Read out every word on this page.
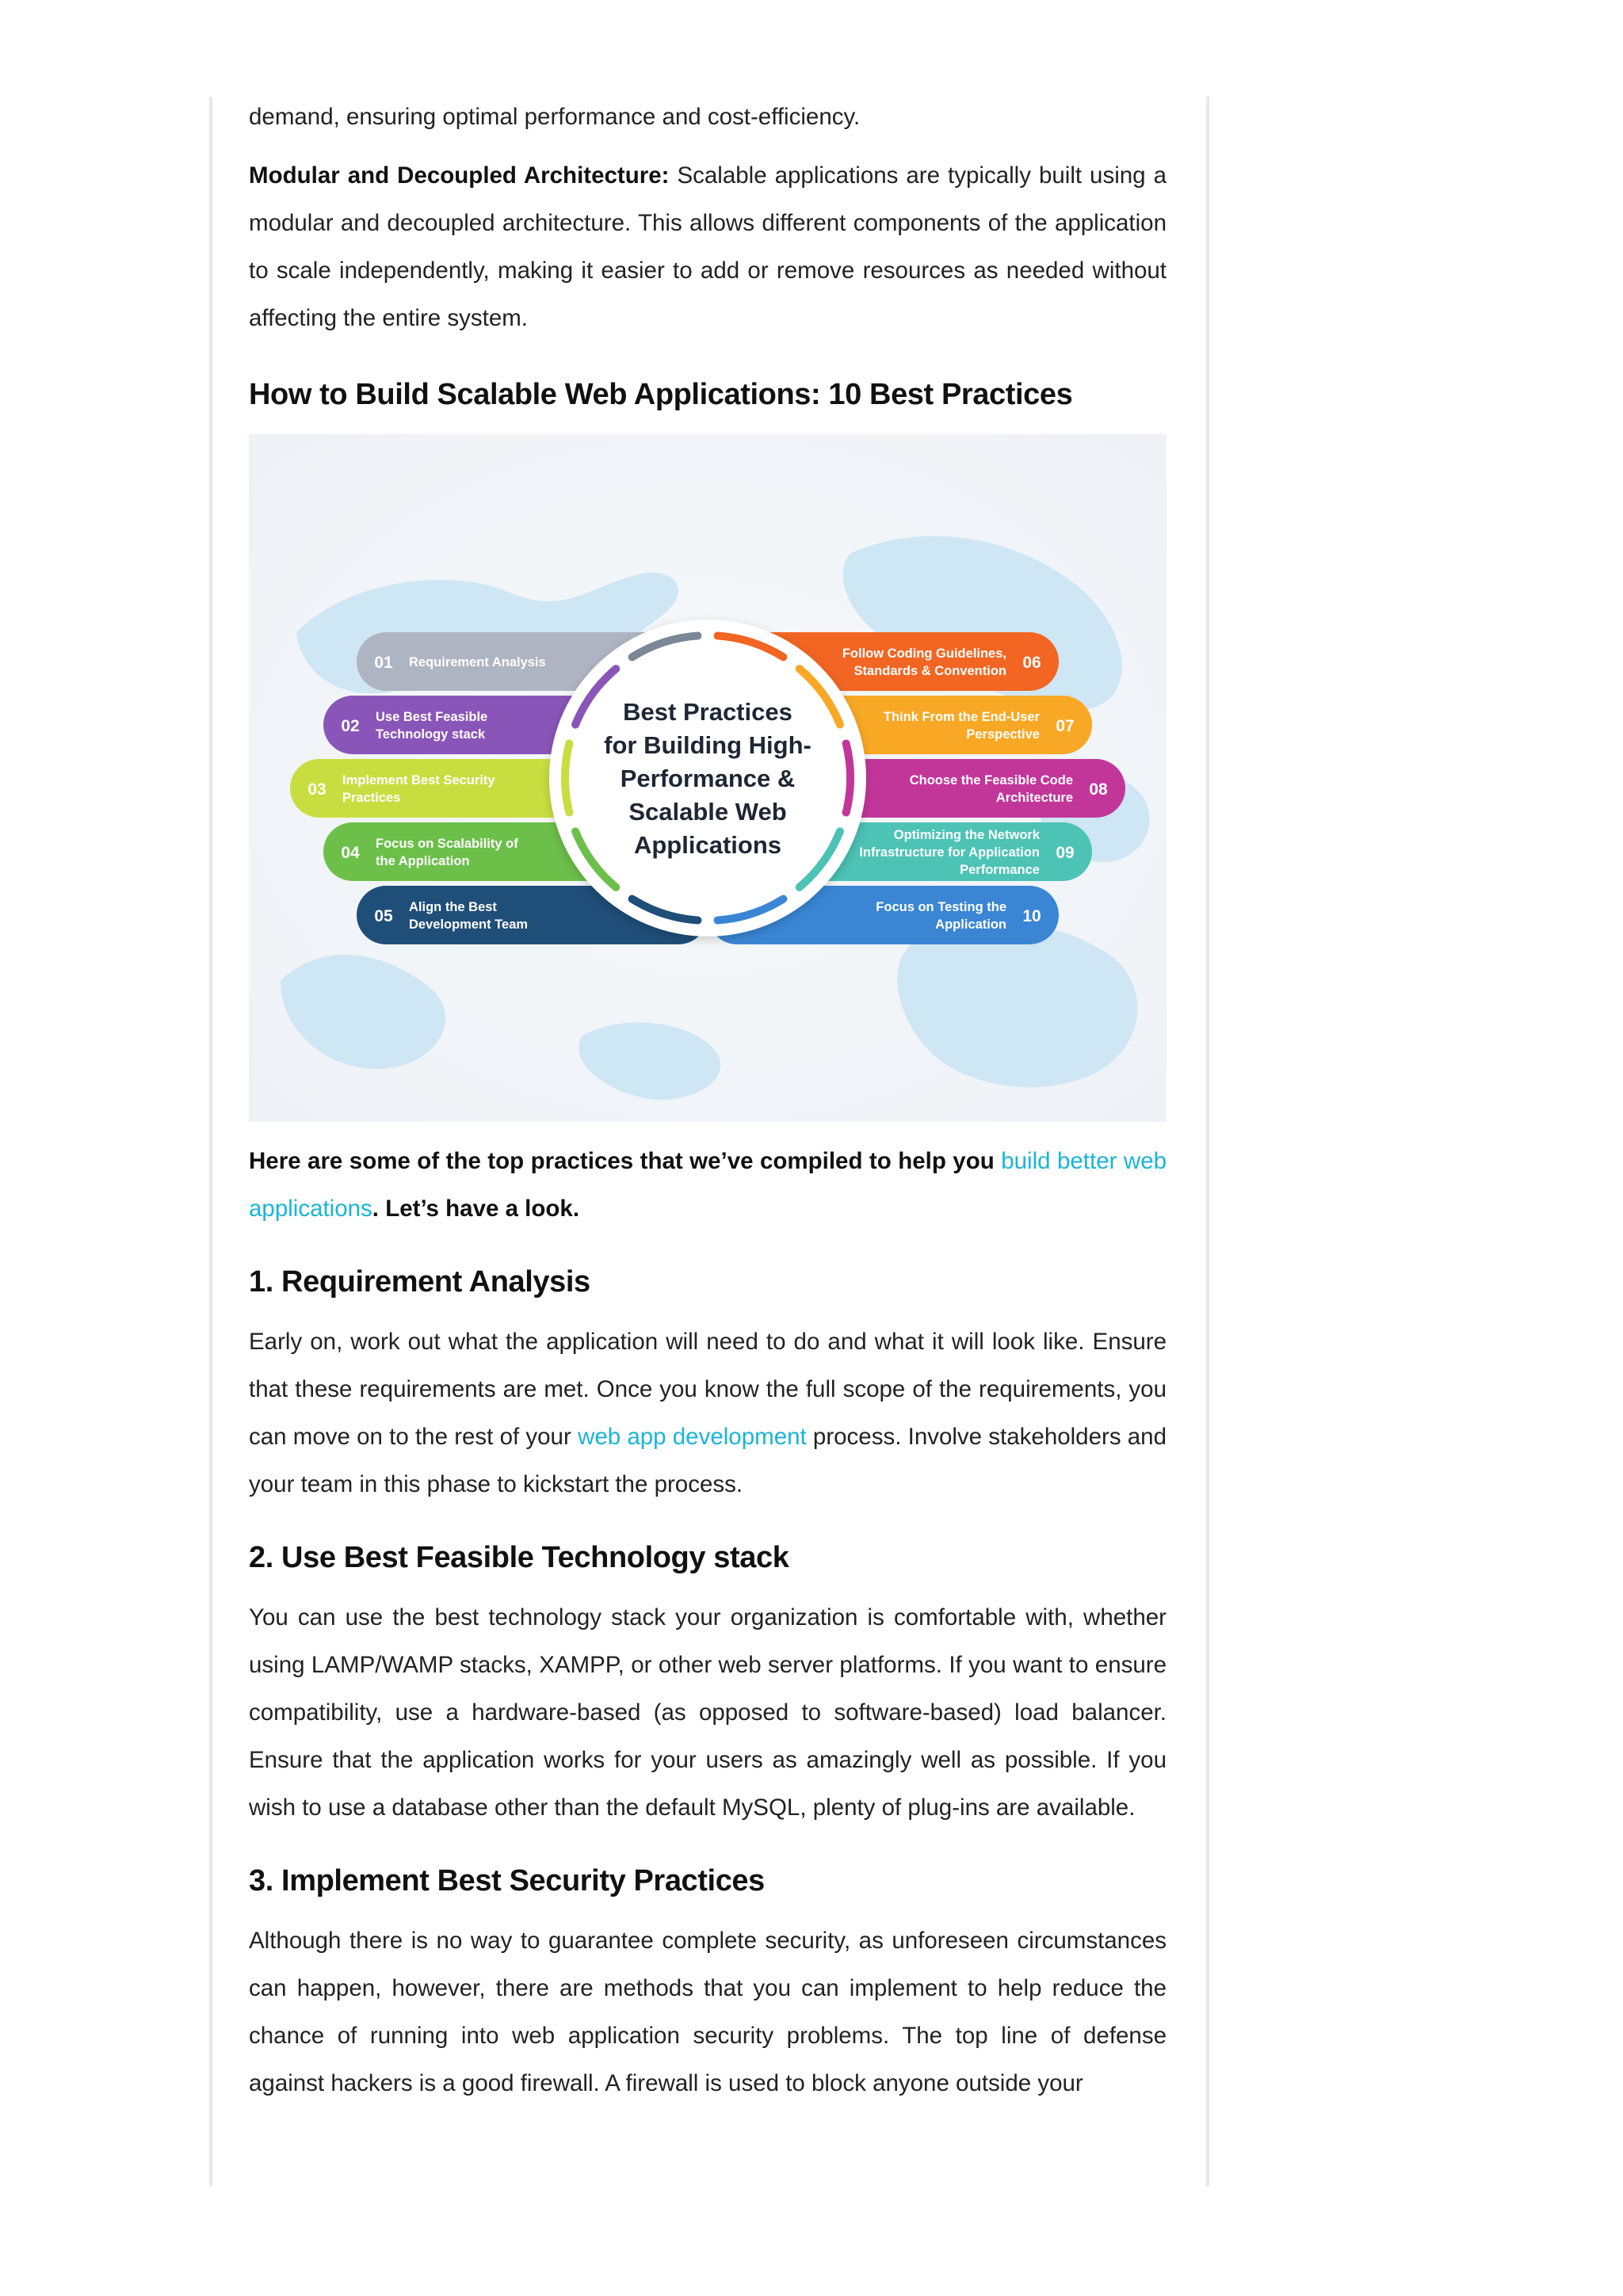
demand, ensuring optimal performance and cost-efficiency.

Modular and Decoupled Architecture: Scalable applications are typically built using a modular and decoupled architecture. This allows different components of the application to scale independently, making it easier to add or remove resources as needed without affecting the entire system.

How to Build Scalable Web Applications: 10 Best Practices
01 Requirement Analysis
02 Use Best Feasible
Technology stack
03 Implement Best Security
Practices
04 Focus on Scalability of
the Application
05 Align the Best
Development Team
06
Follow Coding Guidelines,
Standards & Convention
07
Think From the End-User
Perspective
08
Choose the Feasible Code
Architecture
09
Optimizing the Network
Infrastructure for Application
Performance
10
Focus on Testing the
Application
Best Practices
for Building High-
Performance &
Scalable Web
Applications

Here are some of the top practices that we’ve compiled to help you build better web applications. Let’s have a look.

1. Requirement Analysis

Early on, work out what the application will need to do and what it will look like. Ensure that these requirements are met. Once you know the full scope of the requirements, you can move on to the rest of your web app development process. Involve stakeholders and your team in this phase to kickstart the process.

2. Use Best Feasible Technology stack

You can use the best technology stack your organization is comfortable with, whether using LAMP/WAMP stacks, XAMPP, or other web server platforms. If you want to ensure compatibility, use a hardware-based (as opposed to software-based) load balancer. Ensure that the application works for your users as amazingly well as possible. If you wish to use a database other than the default MySQL, plenty of plug-ins are available.

3. Implement Best Security Practices

Although there is no way to guarantee complete security, as unforeseen circumstances can happen, however, there are methods that you can implement to help reduce the chance of running into web application security problems. The top line of defense against hackers is a good firewall. A firewall is used to block anyone outside your
